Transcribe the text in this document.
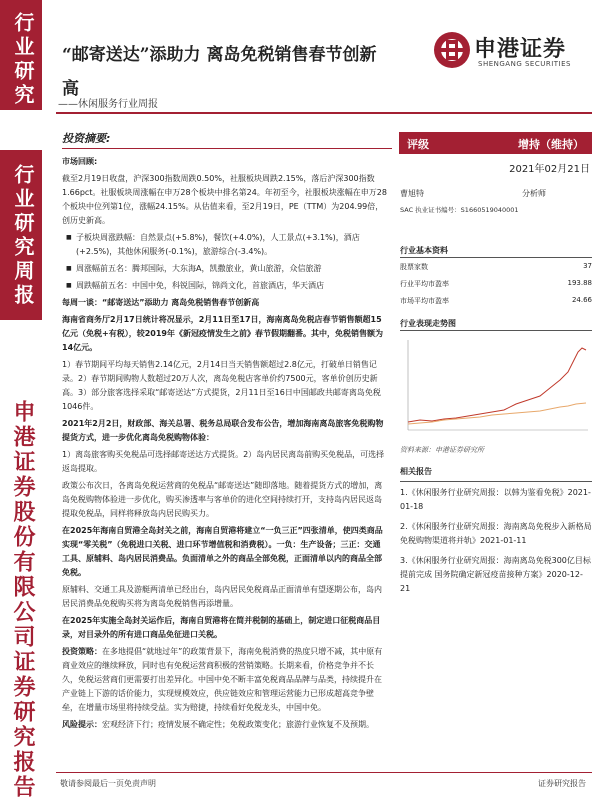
行业研究
行业研究周报
申港证券股份有限公司证券研究报告
“邮寄送达”添助力 离岛免税销售春节创新高
——休闲服务行业周报
申港证券
SHENGANG SECURITIES
投资摘要:

市场回顾:

截至2月19日收盘，沪深300指数周跌0.50%，社服板块周跌2.15%，落后沪深300指数1.66pct。社服板块周涨幅在申万28个板块中排名第24。年初至今，社服板块涨幅在申万28个板块中位列第1位，涨幅24.15%。从估值来看，至2月19日，PE（TTM）为204.99倍，创历史新高。

■ 子板块周涨跌幅：自然景点(+5.8%)，餐饮(+4.0%)，人工景点(+3.1%)，酒店(+2.5%)，其他休闲服务(-0.1%)，旅游综合(-3.4%)。

■ 周涨幅前五名：腾邦国际，大东海A，凯撒旅业，黄山旅游，众信旅游

■ 周跌幅前五名：中国中免，科锐国际，锦尚文化，首旅酒店，华天酒店

每周一谈：“邮寄送达”添助力 离岛免税销售春节创新高

海南省商务厅2月17日统计将况显示，2月11日至17日，海南离岛免税店春节销售额超15亿元（免税+有税），较2019年《新冠疫情发生之前》春节假期翻番。其中，免税销售额为14亿元。

1）春节期间平均每天销售2.14亿元，2月14日当天销售额超过2.8亿元，打破单日销售记录。2）春节期间购物人数超过20万人次，离岛免税店客单价约7500元，客单价创历史新高。3）部分旅客选择采取“邮寄送达”方式提货，2月11日至16日中国邮政共邮寄离岛免税1046件。

2021年2月2日，财政部、海关总署、税务总局联合发布公告，增加海南离岛旅客免税购物提货方式，进一步优化离岛免税购物体验：

1）离岛旅客购买免税品可选择邮寄送达方式提货。2）岛内居民离岛前购买免税品，可选择返岛提取。

政策公布次日，各离岛免税运营商的免税品“邮寄送达”随即落地。随着提货方式的增加，离岛免税购物体验进一步优化，购买渗透率与客单价的进化空间持续打开，支持岛内居民返岛提取免税品，同样将释放岛内居民购买力。

在2025年海南自贸港全岛封关之前，海南自贸港将建立“一负三正”四张清单，使四类商品实现“零关税”（免税进口关税、进口环节增值税和消费税）。一负：生产设备；三正：交通工具、原辅料、岛内居民消费品。负面清单之外的商品全部免税，正面清单以内的商品全部免税。

原辅料、交通工具及游艇两清单已经出台，岛内居民免税商品正面清单有望逐期公布，岛内居民消费品免税购买将为离岛免税销售再添增量。

在2025年实施全岛封关运作后，海南自贸港将在简并税制的基础上，制定进口征税商品目录，对目录外的所有进口商品免征进口关税。

投资策略：在多地提倡“就地过年”的政策背景下，海南免税消费的热度只增不减，其中原有商业效应的继续释放，同时也有免税运营商积极的营销策略。长期来看，价格竞争并不长久，免税运营商们更需要打出差异化。中国中免不断丰富免税商品品牌与品类，持续提升在产业链上下游的话价能力，实现规模效应，供应链效应和管理运营能力已形成超高竞争壁垒，在增量市场里将持续受益。实为赔捷，持续看好免税龙头，中国中免。

风险提示：宏观经济下行；疫情发展不确定性；免税政策变化；旅游行业恢复不及预期。

评级	增持（维持）
2021年02月21日
曹旭特	分析师
SAC 执业证书编号：S1660519040001
行业基本资料
股票家数	37
行业平均市盈率	193.88
市场平均市盈率	24.66
行业表现走势图
资料来源：申港证券研究所
相关报告
1.《休闲服务行业研究周报：以韩为鉴看免税》2021-01-18
2.《休闲服务行业研究周报：海南离岛免税步入新格局 免税购物渠道将并轨》2021-01-11
3.《休闲服务行业研究周报：海南离岛免税300亿目标提前完成 国务院确定新冠疫苗接种方案》2020-12-21
敬请参阅最后一页免责声明	证券研究报告
